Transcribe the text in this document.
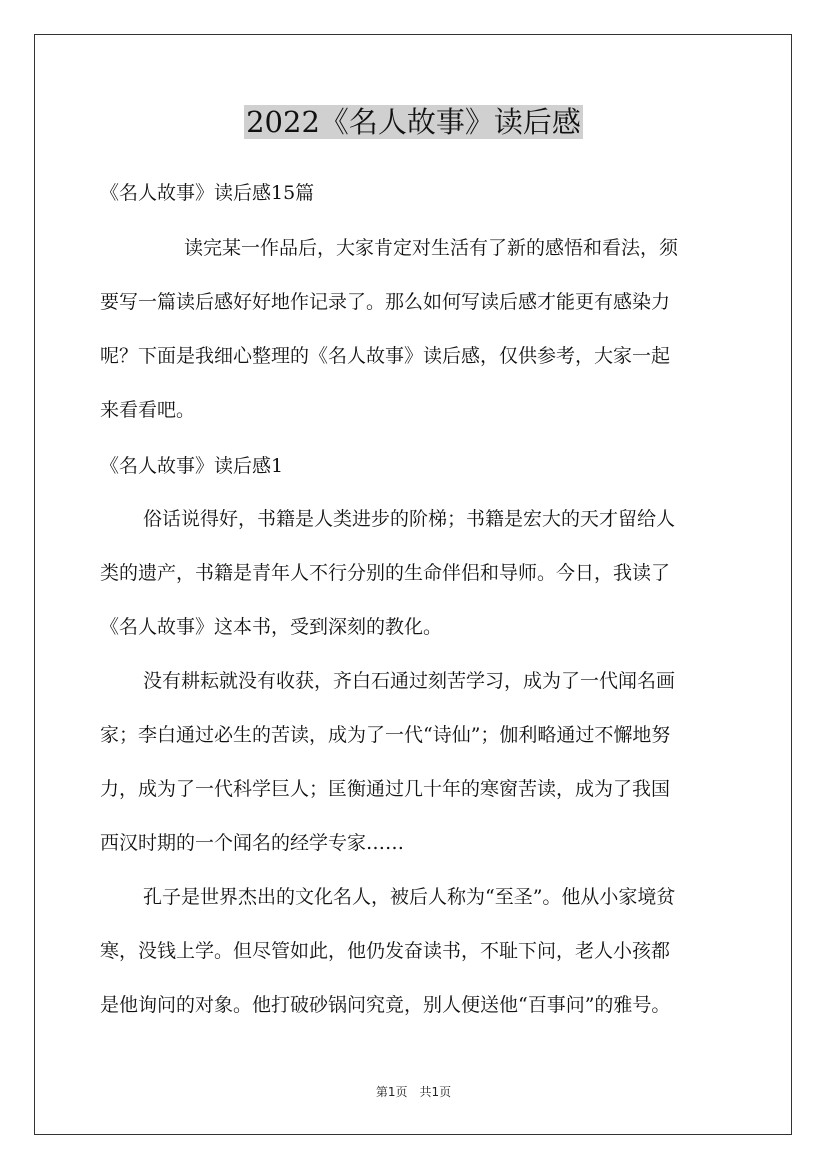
2022《名人故事》读后感

《名人故事》读后感15篇

读完某一作品后，大家肯定对生活有了新的感悟和看法，须

要写一篇读后感好好地作记录了。那么如何写读后感才能更有感染力

呢？下面是我细心整理的《名人故事》读后感，仅供参考，大家一起

来看看吧。

《名人故事》读后感1

俗话说得好，书籍是人类进步的阶梯；书籍是宏大的天才留给人

类的遗产，书籍是青年人不行分别的生命伴侣和导师。今日，我读了

《名人故事》这本书，受到深刻的教化。

没有耕耘就没有收获，齐白石通过刻苦学习，成为了一代闻名画

家；李白通过必生的苦读，成为了一代“诗仙”；伽利略通过不懈地努

力，成为了一代科学巨人；匡衡通过几十年的寒窗苦读，成为了我国

西汉时期的一个闻名的经学专家……

孔子是世界杰出的文化名人，被后人称为“至圣”。他从小家境贫

寒，没钱上学。但尽管如此，他仍发奋读书，不耻下问，老人小孩都

是他询问的对象。他打破砂锅问究竟，别人便送他“百事问”的雅号。

第1页　共1页
